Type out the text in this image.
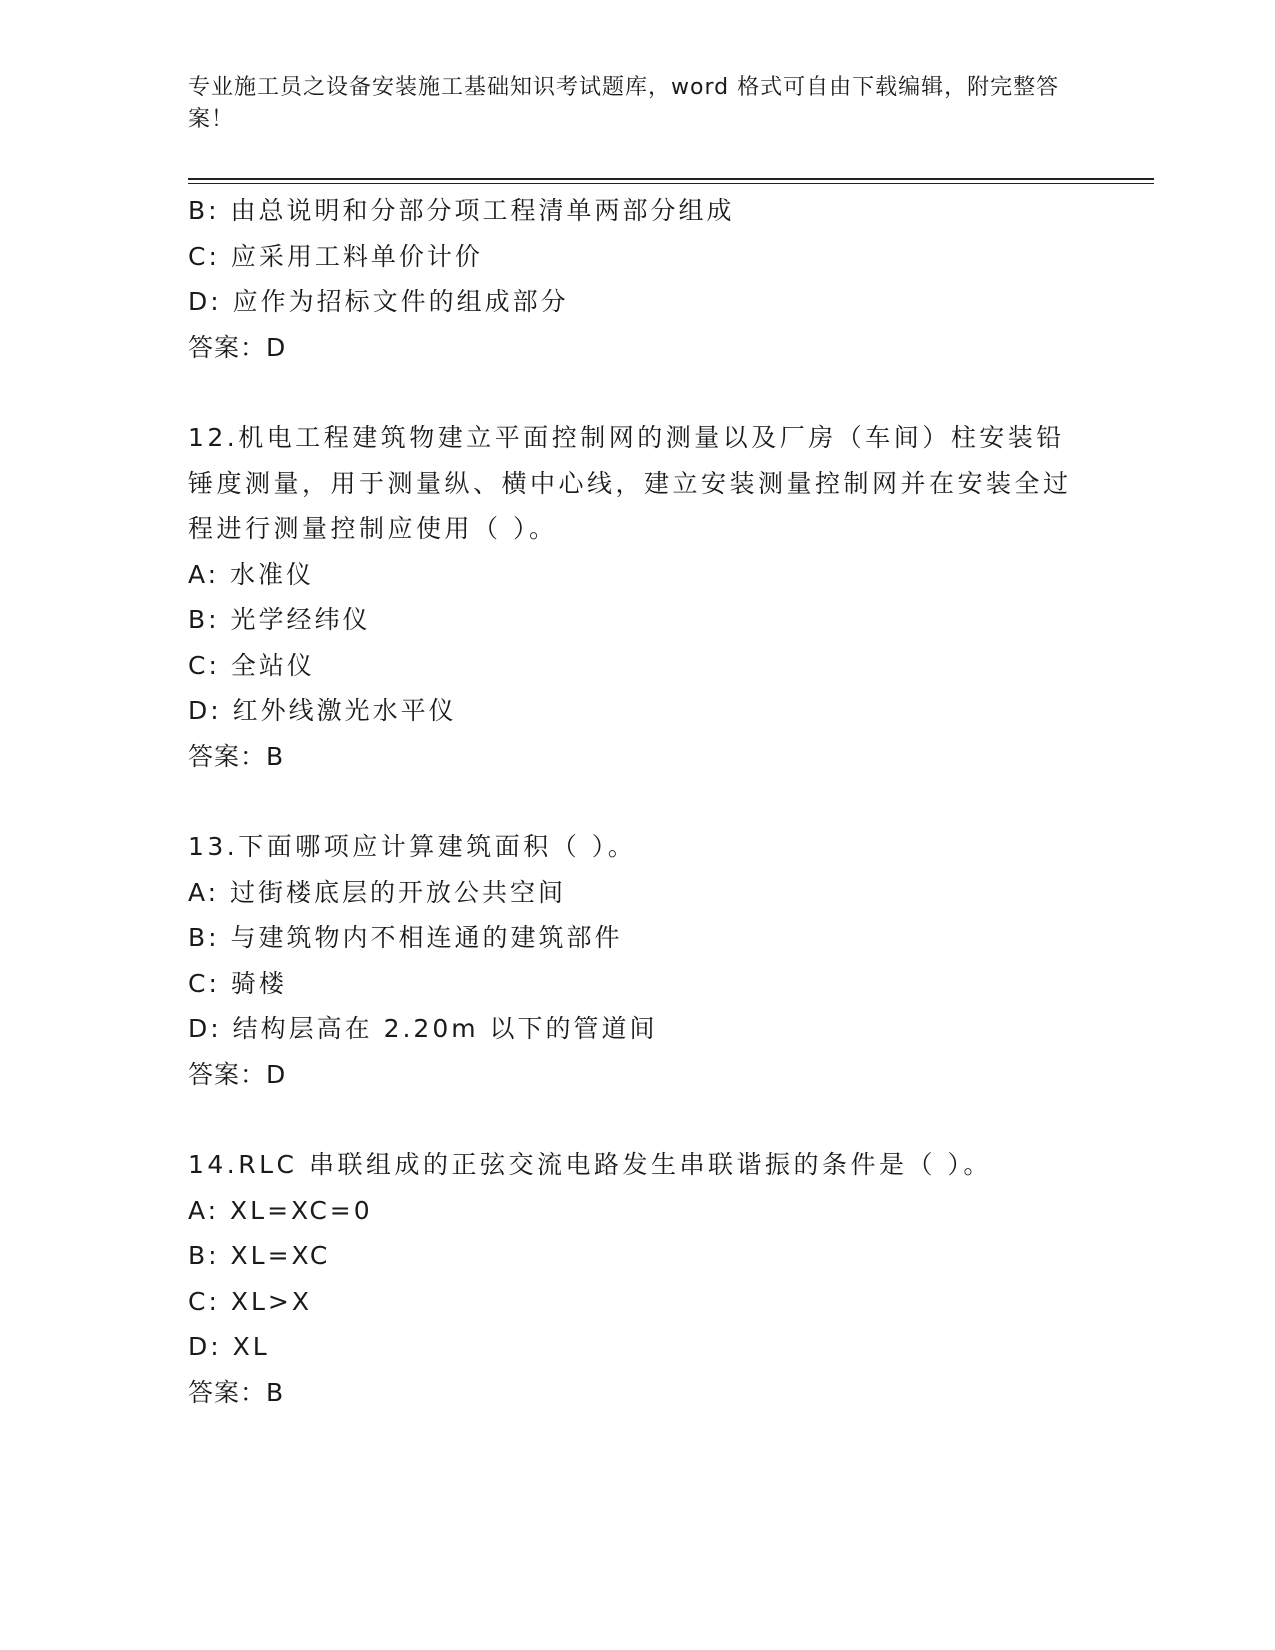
专业施工员之设备安装施工基础知识考试题库，word 格式可自由下载编辑，附完整答案！

B: 由总说明和分部分项工程清单两部分组成

C: 应采用工料单价计价

D: 应作为招标文件的组成部分

答案：D

12.机电工程建筑物建立平面控制网的测量以及厂房（车间）柱安装铅锤度测量，用于测量纵、横中心线，建立安装测量控制网并在安装全过程进行测量控制应使用（ ）。

A: 水准仪

B: 光学经纬仪

C: 全站仪

D: 红外线激光水平仪

答案：B

13.下面哪项应计算建筑面积（ ）。

A: 过街楼底层的开放公共空间

B: 与建筑物内不相连通的建筑部件

C: 骑楼

D: 结构层高在 2.20m 以下的管道间

答案：D

14.RLC 串联组成的正弦交流电路发生串联谐振的条件是（ ）。

A: XL=XC=0

B: XL=XC

C: XL>X

D: XL

答案：B
